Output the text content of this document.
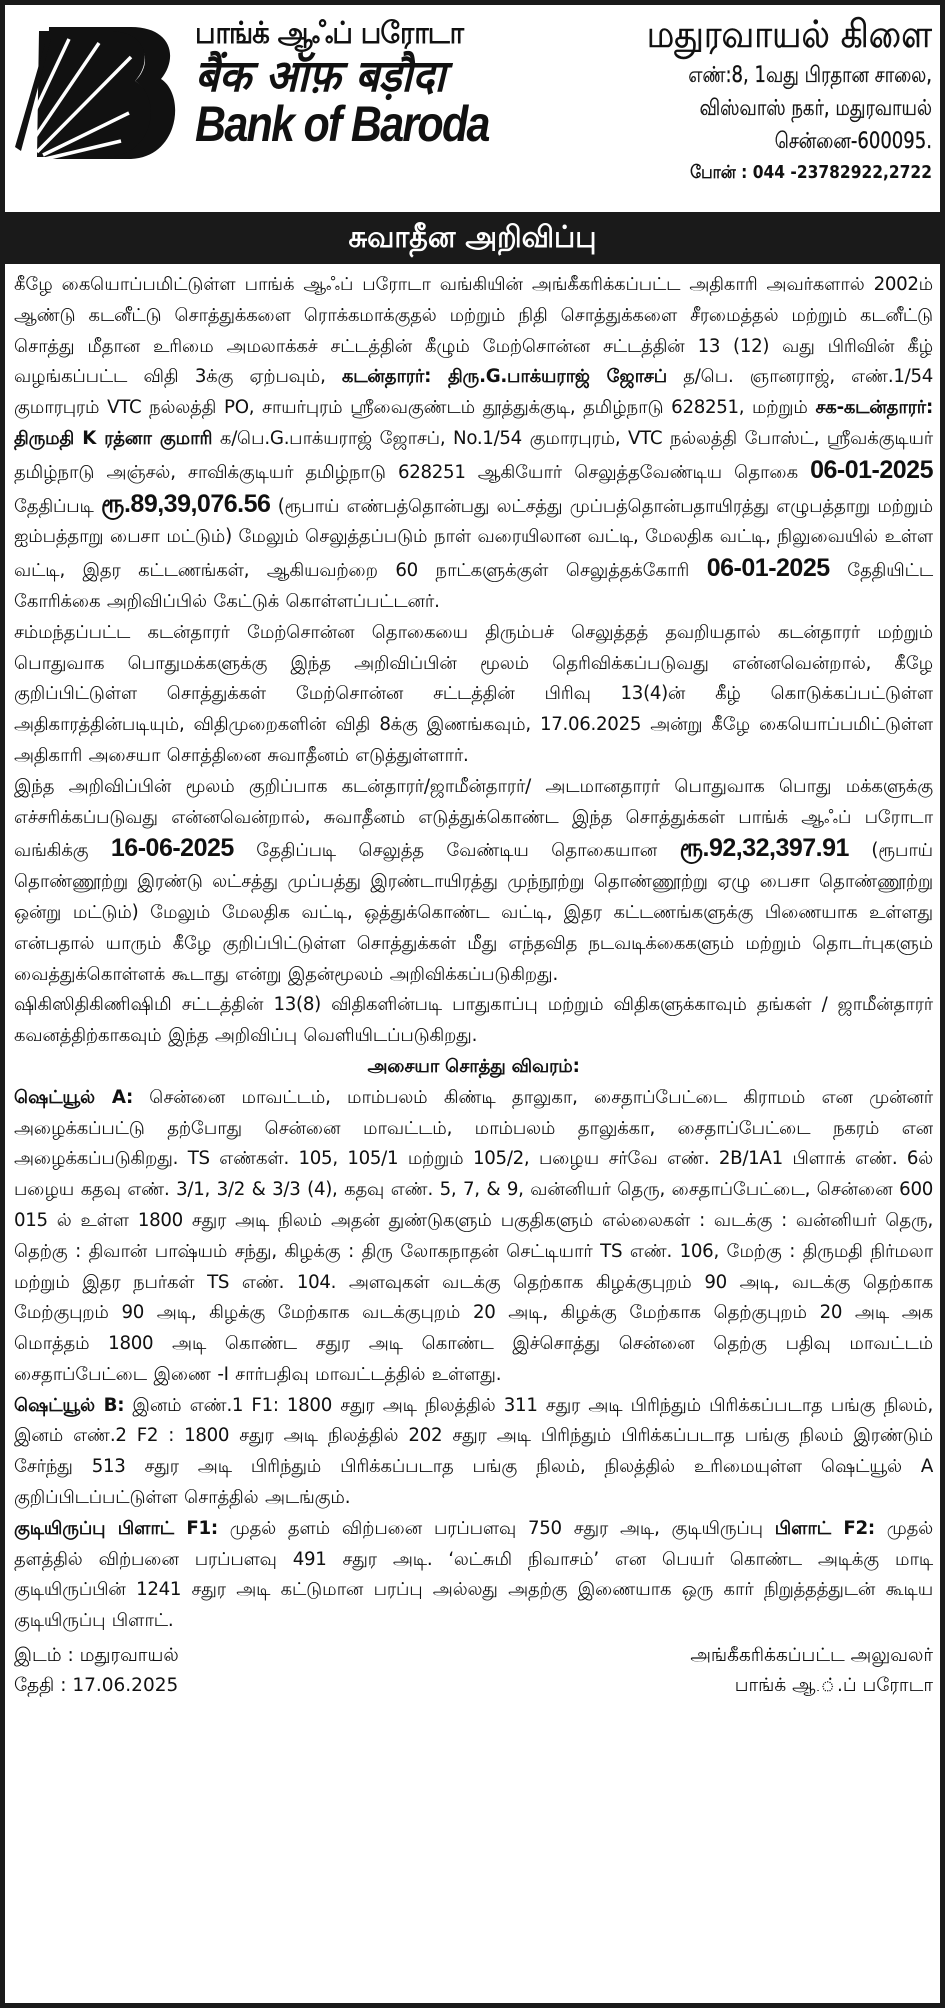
பாங்க் ஆஃப் பரோடா
बैंक ऑफ़ बड़ौदा
Bank of Baroda
மதுரவாயல் கிளை
எண்:8, 1வது பிரதான சாலை,
விஸ்வாஸ் நகர், மதுரவாயல்
சென்னை-600095.
போன் : 044 -23782922,2722
சுவாதீன அறிவிப்பு

கீழே கையொப்பமிட்டுள்ள பாங்க் ஆஃப் பரோடா வங்கியின் அங்கீகரிக்கப்பட்ட அதிகாரி அவர்களால் 2002ம் ஆண்டு கடனீட்டு சொத்துக்களை ரொக்கமாக்குதல் மற்றும் நிதி சொத்துக்களை சீரமைத்தல் மற்றும் கடனீட்டு சொத்து மீதான உரிமை அமலாக்கச் சட்டத்தின் கீழும் மேற்சொன்ன சட்டத்தின் 13 (12) வது பிரிவின் கீழ் வழங்கப்பட்ட விதி 3க்கு ஏற்பவும், கடன்தாரர்: திரு.G.பாக்யராஜ் ஜோசப் த/பெ. ஞானராஜ், எண்.1/54 குமாரபுரம் VTC நல்லத்தி PO, சாயர்புரம் ஸ்ரீவைகுண்டம் தூத்துக்குடி, தமிழ்நாடு 628251, மற்றும் சக-கடன்தாரர்: திருமதி K ரத்னா குமாரி க/பெ.G.பாக்யராஜ் ஜோசப், No.1/54 குமாரபுரம், VTC நல்லத்தி போஸ்ட், ஸ்ரீவக்குடியர் தமிழ்நாடு அஞ்சல், சாவிக்குடியர் தமிழ்நாடு 628251 ஆகியோர் செலுத்தவேண்டிய தொகை 06-01-2025 தேதிப்படி ரூ.89,39,076.56 (ரூபாய் எண்பத்தொன்பது லட்சத்து முப்பத்தொன்பதாயிரத்து எழுபத்தாறு மற்றும் ஐம்பத்தாறு பைசா மட்டும்) மேலும் செலுத்தப்படும் நாள் வரையிலான வட்டி, மேலதிக வட்டி, நிலுவையில் உள்ள வட்டி, இதர கட்டணங்கள், ஆகியவற்றை 60 நாட்களுக்குள் செலுத்தக்கோரி 06-01-2025 தேதியிட்ட கோரிக்கை அறிவிப்பில் கேட்டுக் கொள்ளப்பட்டனர்.

சம்மந்தப்பட்ட கடன்தாரர் மேற்சொன்ன தொகையை திரும்பச் செலுத்தத் தவறியதால் கடன்தாரர் மற்றும் பொதுவாக பொதுமக்களுக்கு இந்த அறிவிப்பின் மூலம் தெரிவிக்கப்படுவது என்னவென்றால், கீழே குறிப்பிட்டுள்ள சொத்துக்கள் மேற்சொன்ன சட்டத்தின் பிரிவு 13(4)ன் கீழ் கொடுக்கப்பட்டுள்ள அதிகாரத்தின்படியும், விதிமுறைகளின் விதி 8க்கு இணங்கவும், 17.06.2025 அன்று கீழே கையொப்பமிட்டுள்ள அதிகாரி அசையா சொத்தினை சுவாதீனம் எடுத்துள்ளார்.

இந்த அறிவிப்பின் மூலம் குறிப்பாக கடன்தாரர்/ஜாமீன்தாரர்/ அடமானதாரர் பொதுவாக பொது மக்களுக்கு எச்சரிக்கப்படுவது என்னவென்றால், சுவாதீனம் எடுத்துக்கொண்ட இந்த சொத்துக்கள் பாங்க் ஆஃப் பரோடா வங்கிக்கு 16-06-2025 தேதிப்படி செலுத்த வேண்டிய தொகையான ரூ.92,32,397.91 (ரூபாய் தொண்ணூற்று இரண்டு லட்சத்து முப்பத்து இரண்டாயிரத்து முந்நூற்று தொண்ணூற்று ஏழு பைசா தொண்ணூற்று ஒன்று மட்டும்) மேலும் மேலதிக வட்டி, ஒத்துக்கொண்ட வட்டி, இதர கட்டணங்களுக்கு பிணையாக உள்ளது என்பதால் யாரும் கீழே குறிப்பிட்டுள்ள சொத்துக்கள் மீது எந்தவித நடவடிக்கைகளும் மற்றும் தொடர்புகளும் வைத்துக்கொள்ளக் கூடாது என்று இதன்மூலம் அறிவிக்கப்படுகிறது.

ஷிகிஸிதிகிணிஷிமி சட்டத்தின் 13(8) விதிகளின்படி பாதுகாப்பு மற்றும் விதிகளுக்காவும் தங்கள் / ஜாமீன்தாரர் கவனத்திற்காகவும் இந்த அறிவிப்பு வெளியிடப்படுகிறது.

அசையா சொத்து விவரம்:

ஷெட்யூல் A: சென்னை மாவட்டம், மாம்பலம் கிண்டி தாலுகா, சைதாப்பேட்டை கிராமம் என முன்னர் அழைக்கப்பட்டு தற்போது சென்னை மாவட்டம், மாம்பலம் தாலுக்கா, சைதாப்பேட்டை நகரம் என அழைக்கப்படுகிறது. TS எண்கள். 105, 105/1 மற்றும் 105/2, பழைய சர்வே எண். 2B/1A1 பிளாக் எண். 6ல் பழைய கதவு எண். 3/1, 3/2 & 3/3 (4), கதவு எண். 5, 7, & 9, வன்னியர் தெரு, சைதாப்பேட்டை, சென்னை 600 015 ல் உள்ள 1800 சதுர அடி நிலம் அதன் துண்டுகளும் பகுதிகளும் எல்லைகள் : வடக்கு : வன்னியர் தெரு, தெற்கு : திவான் பாஷ்யம் சந்து, கிழக்கு : திரு லோகநாதன் செட்டியார் TS எண். 106, மேற்கு : திருமதி நிர்மலா மற்றும் இதர நபர்கள் TS எண். 104. அளவுகள் வடக்கு தெற்காக கிழக்குபுறம் 90 அடி, வடக்கு தெற்காக மேற்குபுறம் 90 அடி, கிழக்கு மேற்காக வடக்குபுறம் 20 அடி, கிழக்கு மேற்காக தெற்குபுறம் 20 அடி அக மொத்தம் 1800 அடி கொண்ட சதுர அடி கொண்ட இச்சொத்து சென்னை தெற்கு பதிவு மாவட்டம் சைதாப்பேட்டை இணை -I சார்பதிவு மாவட்டத்தில் உள்ளது.

ஷெட்யூல் B: இனம் எண்.1 F1: 1800 சதுர அடி நிலத்தில் 311 சதுர அடி பிரிந்தும் பிரிக்கப்படாத பங்கு நிலம், இனம் எண்.2 F2 : 1800 சதுர அடி நிலத்தில் 202 சதுர அடி பிரிந்தும் பிரிக்கப்படாத பங்கு நிலம் இரண்டும் சேர்ந்து 513 சதுர அடி பிரிந்தும் பிரிக்கப்படாத பங்கு நிலம், நிலத்தில் உரிமையுள்ள ஷெட்யூல் A குறிப்பிடப்பட்டுள்ள சொத்தில் அடங்கும்.

குடியிருப்பு பிளாட் F1: முதல் தளம் விற்பனை பரப்பளவு 750 சதுர அடி, குடியிருப்பு பிளாட் F2: முதல் தளத்தில் விற்பனை பரப்பளவு 491 சதுர அடி. ‘லட்சுமி நிவாசம்’ என பெயர் கொண்ட அடிக்கு மாடி குடியிருப்பின் 1241 சதுர அடி கட்டுமான பரப்பு அல்லது அதற்கு இணையாக ஒரு கார் நிறுத்தத்துடன் கூடிய குடியிருப்பு பிளாட்.

இடம் : மதுரவாயல்
தேதி : 17.06.2025
அங்கீகரிக்கப்பட்ட அலுவலர்
பாங்க் ஆ.்.ப் பரோடா
